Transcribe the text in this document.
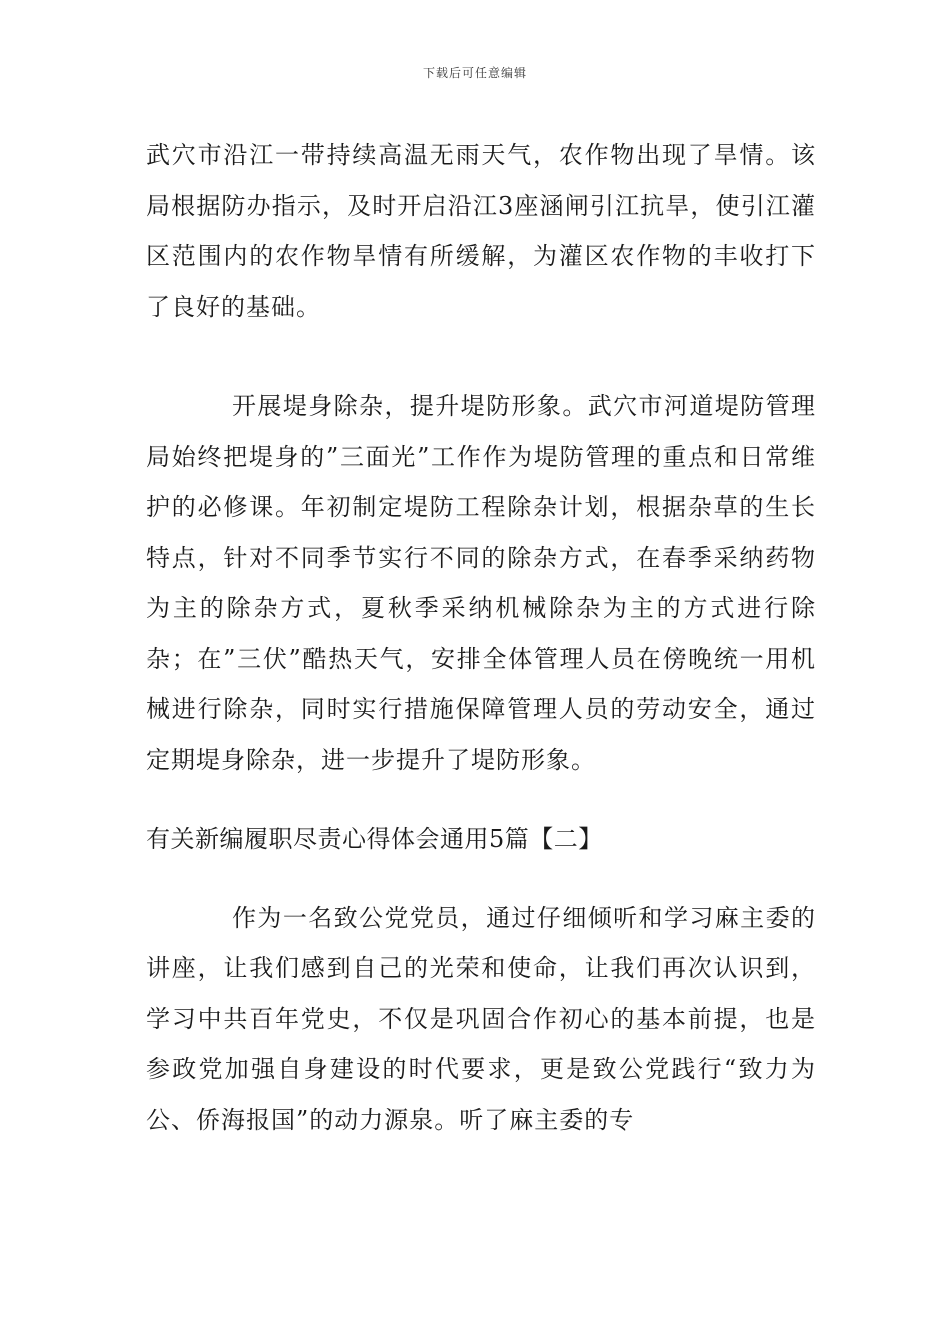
下载后可任意编辑

武穴市沿江一带持续高温无雨天气，农作物出现了旱情。该局根据防办指示，及时开启沿江3座涵闸引江抗旱，使引江灌区范围内的农作物旱情有所缓解，为灌区农作物的丰收打下了良好的基础。

开展堤身除杂，提升堤防形象。武穴市河道堤防管理局始终把堤身的”三面光”工作作为堤防管理的重点和日常维护的必修课。年初制定堤防工程除杂计划，根据杂草的生长特点，针对不同季节实行不同的除杂方式，在春季采纳药物为主的除杂方式，夏秋季采纳机械除杂为主的方式进行除杂；在”三伏”酷热天气，安排全体管理人员在傍晚统一用机械进行除杂，同时实行措施保障管理人员的劳动安全，通过定期堤身除杂，进一步提升了堤防形象。

有关新编履职尽责心得体会通用5篇【二】

作为一名致公党党员，通过仔细倾听和学习麻主委的讲座，让我们感到自己的光荣和使命，让我们再次认识到，学习中共百年党史，不仅是巩固合作初心的基本前提，也是参政党加强自身建设的时代要求，更是致公党践行“致力为公、侨海报国”的动力源泉。听了麻主委的专
